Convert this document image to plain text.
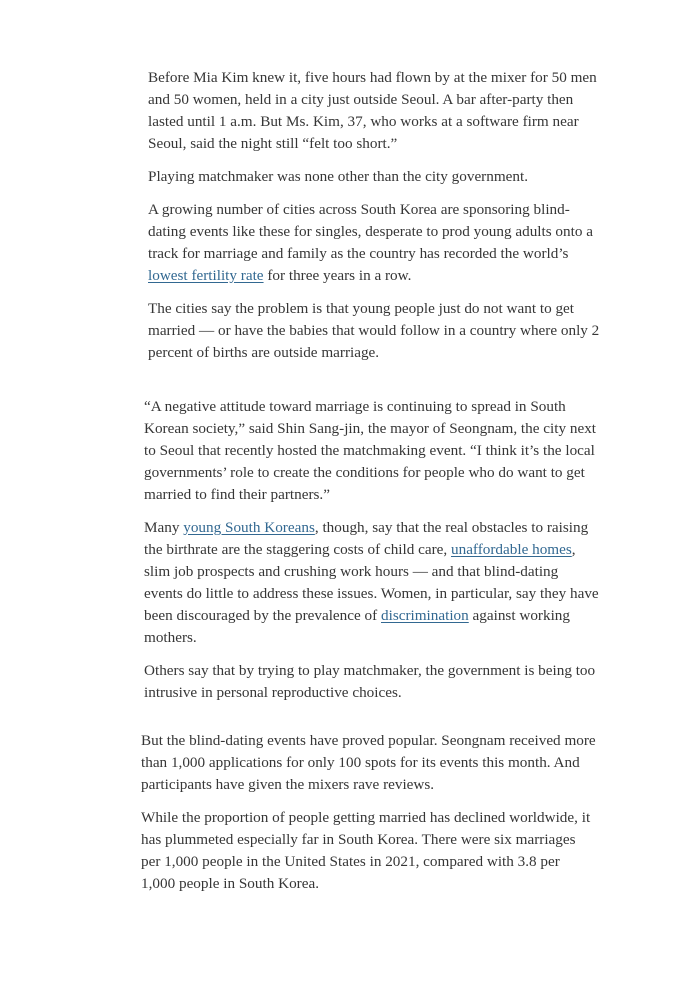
Before Mia Kim knew it, five hours had flown by at the mixer for 50 men and 50 women, held in a city just outside Seoul. A bar after-party then lasted until 1 a.m. But Ms. Kim, 37, who works at a software firm near Seoul, said the night still “felt too short.”

Playing matchmaker was none other than the city government.

A growing number of cities across South Korea are sponsoring blind-dating events like these for singles, desperate to prod young adults onto a track for marriage and family as the country has recorded the world’s lowest fertility rate for three years in a row.

The cities say the problem is that young people just do not want to get married — or have the babies that would follow in a country where only 2 percent of births are outside marriage.

“A negative attitude toward marriage is continuing to spread in South Korean society,” said Shin Sang-jin, the mayor of Seongnam, the city next to Seoul that recently hosted the matchmaking event. “I think it’s the local governments’ role to create the conditions for people who do want to get married to find their partners.”

Many young South Koreans, though, say that the real obstacles to raising the birthrate are the staggering costs of child care, unaffordable homes, slim job prospects and crushing work hours — and that blind-dating events do little to address these issues. Women, in particular, say they have been discouraged by the prevalence of discrimination against working mothers.

Others say that by trying to play matchmaker, the government is being too intrusive in personal reproductive choices.

But the blind-dating events have proved popular. Seongnam received more than 1,000 applications for only 100 spots for its events this month. And participants have given the mixers rave reviews.

While the proportion of people getting married has declined worldwide, it has plummeted especially far in South Korea. There were six marriages per 1,000 people in the United States in 2021, compared with 3.8 per 1,000 people in South Korea.
